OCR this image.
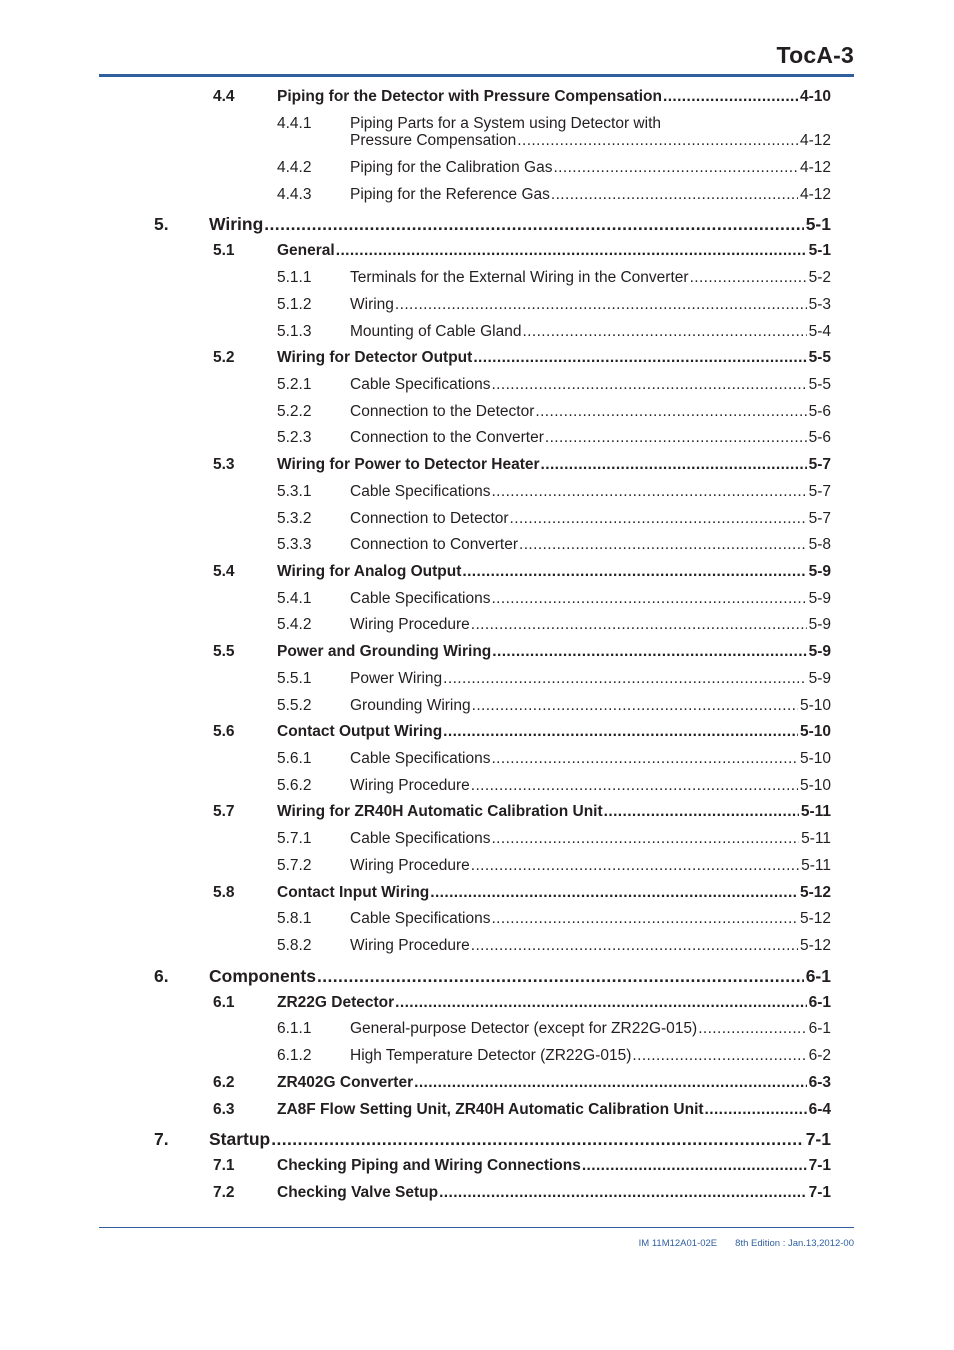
TocA-3
4.4	Piping for the Detector with Pressure Compensation .....	4-10
4.4.1 Piping Parts for a System using Detector with
Pressure Compensation .....	4-12
4.4.2 Piping for the Calibration Gas .....	4-12
4.4.3 Piping for the Reference Gas .....	4-12
5. Wiring .....	5-1
5.1	General .....	5-1
5.1.1 Terminals for the External Wiring in the Converter .....	5-2
5.1.2 Wiring .....	5-3
5.1.3 Mounting of Cable Gland .....	5-4
5.2	Wiring for Detector Output .....	5-5
5.2.1 Cable Specifications .....	5-5
5.2.2 Connection to the Detector .....	5-6
5.2.3 Connection to the Converter .....	5-6
5.3	Wiring for Power to Detector Heater .....	5-7
5.3.1 Cable Specifications .....	5-7
5.3.2 Connection to Detector .....	5-7
5.3.3 Connection to Converter .....	5-8
5.4	Wiring for Analog Output .....	5-9
5.4.1 Cable Specifications .....	5-9
5.4.2 Wiring Procedure .....	5-9
5.5	Power and Grounding Wiring .....	5-9
5.5.1 Power Wiring .....	5-9
5.5.2 Grounding Wiring .....	5-10
5.6	Contact Output Wiring .....	5-10
5.6.1 Cable Specifications .....	5-10
5.6.2 Wiring Procedure .....	5-10
5.7	Wiring for ZR40H Automatic Calibration Unit .....	5-11
5.7.1 Cable Specifications .....	5-11
5.7.2 Wiring Procedure .....	5-11
5.8	Contact Input Wiring .....	5-12
5.8.1 Cable Specifications .....	5-12
5.8.2 Wiring Procedure .....	5-12
6. Components .....	6-1
6.1	ZR22G Detector .....	6-1
6.1.1 General-purpose Detector (except for ZR22G-015) .....	6-1
6.1.2 High Temperature Detector (ZR22G-015) .....	6-2
6.2	ZR402G Converter .....	6-3
6.3	ZA8F Flow Setting Unit, ZR40H Automatic Calibration Unit .....	6-4
7. Startup .....	7-1
7.1	Checking Piping and Wiring Connections .....	7-1
7.2	Checking Valve Setup .....	7-1
IM 11M12A01-02E 8th Edition : Jan.13,2012-00
